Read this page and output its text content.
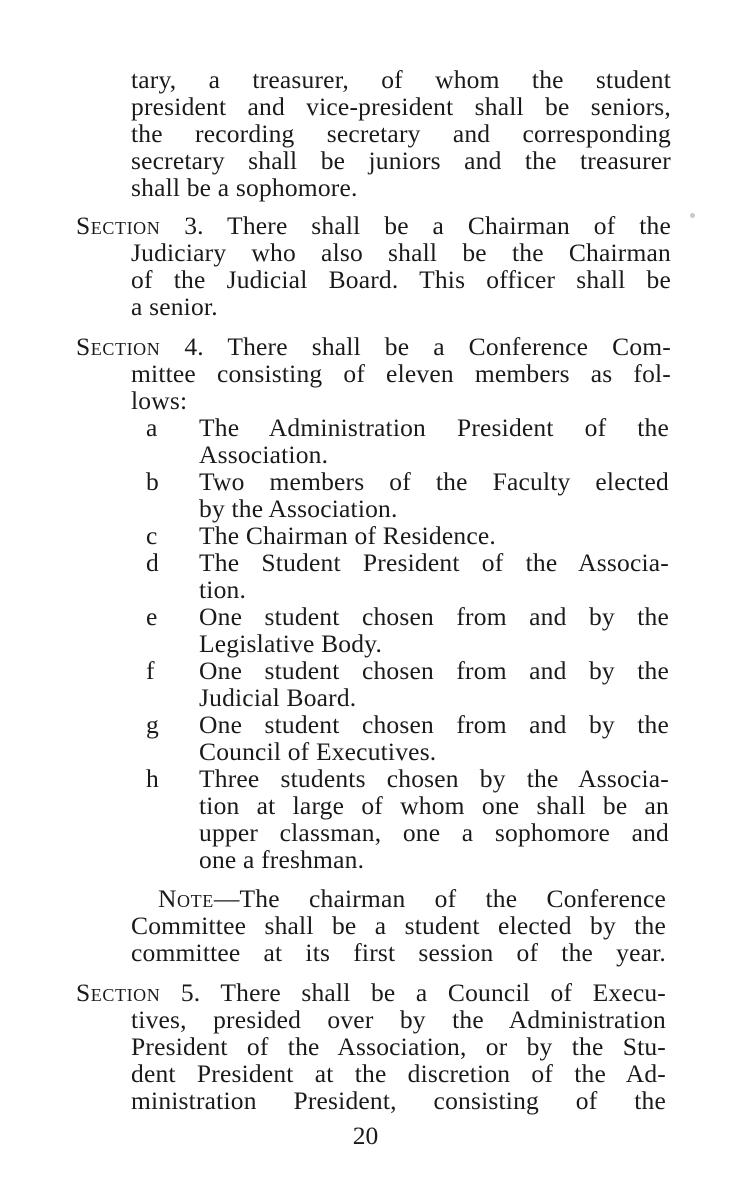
tary, a treasurer, of whom the student
president and vice-president shall be seniors,
the recording secretary and corresponding
secretary shall be juniors and the treasurer
shall be a sophomore.
Section 3. There shall be a Chairman of the
Judiciary who also shall be the Chairman
of the Judicial Board. This officer shall be
a senior.
Section 4. There shall be a Conference Com-
mittee consisting of eleven members as fol-
lows:
a The Administration President of the
Association.
b Two members of the Faculty elected
by the Association.
c The Chairman of Residence.
d The Student President of the Associa-
tion.
e One student chosen from and by the
Legislative Body.
f One student chosen from and by the
Judicial Board.
g One student chosen from and by the
Council of Executives.
h Three students chosen by the Associa-
tion at large of whom one shall be an
upper classman, one a sophomore and
one a freshman.
Note—The chairman of the Conference
Committee shall be a student elected by the
committee at its first session of the year.
Section 5. There shall be a Council of Execu-
tives, presided over by the Administration
President of the Association, or by the Stu-
dent President at the discretion of the Ad-
ministration President, consisting of the
20
